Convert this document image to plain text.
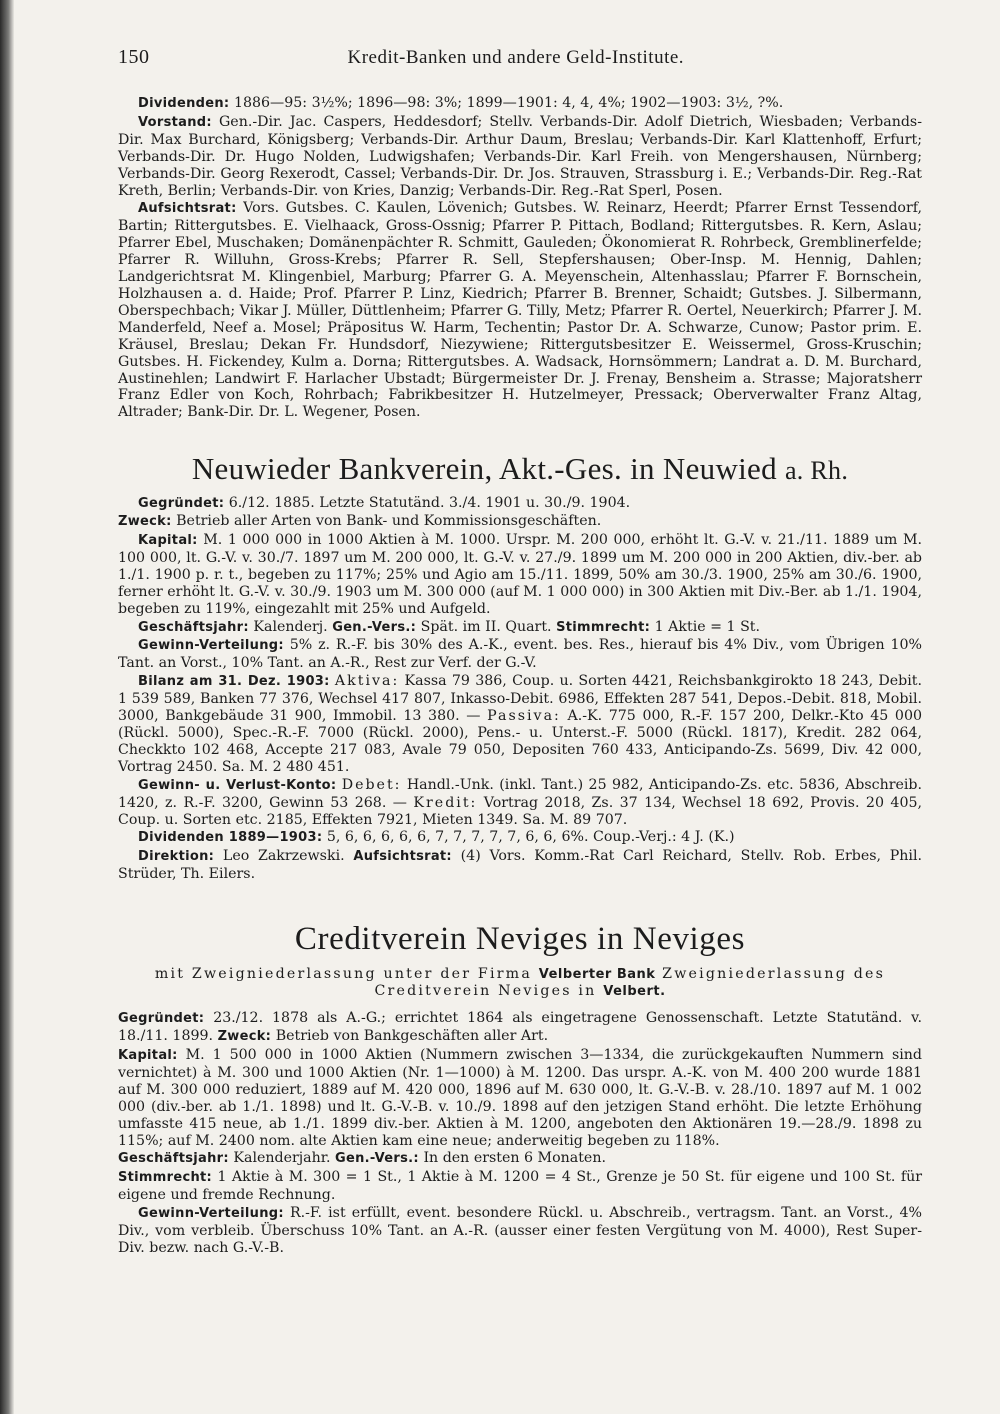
150	Kredit-Banken und andere Geld-Institute.

Dividenden: 1886—95: 3½%; 1896—98: 3%; 1899—1901: 4, 4, 4%; 1902—1903: 3½, ?%.

Vorstand: Gen.-Dir. Jac. Caspers, Heddesdorf; Stellv. Verbands-Dir. Adolf Dietrich, Wiesbaden; Verbands-Dir. Max Burchard, Königsberg; Verbands-Dir. Arthur Daum, Breslau; Verbands-Dir. Karl Klattenhoff, Erfurt; Verbands-Dir. Dr. Hugo Nolden, Ludwigshafen; Verbands-Dir. Karl Freih. von Mengershausen, Nürnberg; Verbands-Dir. Georg Rexerodt, Cassel; Verbands-Dir. Dr. Jos. Strauven, Strassburg i. E.; Verbands-Dir. Reg.-Rat Kreth, Berlin; Verbands-Dir. von Kries, Danzig; Verbands-Dir. Reg.-Rat Sperl, Posen.

Aufsichtsrat: Vors. Gutsbes. C. Kaulen, Lövenich; Gutsbes. W. Reinarz, Heerdt; Pfarrer Ernst Tessendorf, Bartin; Rittergutsbes. E. Vielhaack, Gross-Ossnig; Pfarrer P. Pittach, Bodland; Rittergutsbes. R. Kern, Aslau; Pfarrer Ebel, Muschaken; Domänenpächter R. Schmitt, Gauleden; Ökonomierat R. Rohrbeck, Gremblinerfelde; Pfarrer R. Willuhn, Gross-Krebs; Pfarrer R. Sell, Stepfershausen; Ober-Insp. M. Hennig, Dahlen; Landgerichtsrat M. Klingenbiel, Marburg; Pfarrer G. A. Meyenschein, Altenhasslau; Pfarrer F. Bornschein, Holzhausen a. d. Haide; Prof. Pfarrer P. Linz, Kiedrich; Pfarrer B. Brenner, Schaidt; Gutsbes. J. Silbermann, Oberspechbach; Vikar J. Müller, Düttlenheim; Pfarrer G. Tilly, Metz; Pfarrer R. Oertel, Neuerkirch; Pfarrer J. M. Manderfeld, Neef a. Mosel; Präpositus W. Harm, Techentin; Pastor Dr. A. Schwarze, Cunow; Pastor prim. E. Kräusel, Breslau; Dekan Fr. Hundsdorf, Niezywiene; Rittergutsbesitzer E. Weissermel, Gross-Kruschin; Gutsbes. H. Fickendey, Kulm a. Dorna; Rittergutsbes. A. Wadsack, Hornsömmern; Landrat a. D. M. Burchard, Austinehlen; Landwirt F. Harlacher Ubstadt; Bürgermeister Dr. J. Frenay, Bensheim a. Strasse; Majoratsherr Franz Edler von Koch, Rohrbach; Fabrikbesitzer H. Hutzelmeyer, Pressack; Oberverwalter Franz Altag, Altrader; Bank-Dir. Dr. L. Wegener, Posen.

Neuwieder Bankverein, Akt.-Ges. in Neuwied a. Rh.

Gegründet: 6./12. 1885. Letzte Statutänd. 3./4. 1901 u. 30./9. 1904.
Zweck: Betrieb aller Arten von Bank- und Kommissionsgeschäften.

Kapital: M. 1 000 000 in 1000 Aktien à M. 1000. Urspr. M. 200 000, erhöht lt. G.-V. v. 21./11. 1889 um M. 100 000, lt. G.-V. v. 30./7. 1897 um M. 200 000, lt. G.-V. v. 27./9. 1899 um M. 200 000 in 200 Aktien, div.-ber. ab 1./1. 1900 p. r. t., begeben zu 117%; 25% und Agio am 15./11. 1899, 50% am 30./3. 1900, 25% am 30./6. 1900, ferner erhöht lt. G.-V. v. 30./9. 1903 um M. 300 000 (auf M. 1 000 000) in 300 Aktien mit Div.-Ber. ab 1./1. 1904, begeben zu 119%, eingezahlt mit 25% und Aufgeld.

Geschäftsjahr: Kalenderj. Gen.-Vers.: Spät. im II. Quart. Stimmrecht: 1 Aktie = 1 St.

Gewinn-Verteilung: 5% z. R.-F. bis 30% des A.-K., event. bes. Res., hierauf bis 4% Div., vom Übrigen 10% Tant. an Vorst., 10% Tant. an A.-R., Rest zur Verf. der G.-V.

Bilanz am 31. Dez. 1903: Aktiva: Kassa 79 386, Coup. u. Sorten 4421, Reichsbankgirokto 18 243, Debit. 1 539 589, Banken 77 376, Wechsel 417 807, Inkasso-Debit. 6986, Effekten 287 541, Depos.-Debit. 818, Mobil. 3000, Bankgebäude 31 900, Immobil. 13 380. — Passiva: A.-K. 775 000, R.-F. 157 200, Delkr.-Kto 45 000 (Rückl. 5000), Spec.-R.-F. 7000 (Rückl. 2000), Pens.- u. Unterst.-F. 5000 (Rückl. 1817), Kredit. 282 064, Checkkto 102 468, Accepte 217 083, Avale 79 050, Depositen 760 433, Anticipando-Zs. 5699, Div. 42 000, Vortrag 2450. Sa. M. 2 480 451.

Gewinn- u. Verlust-Konto: Debet: Handl.-Unk. (inkl. Tant.) 25 982, Anticipando-Zs. etc. 5836, Abschreib. 1420, z. R.-F. 3200, Gewinn 53 268. — Kredit: Vortrag 2018, Zs. 37 134, Wechsel 18 692, Provis. 20 405, Coup. u. Sorten etc. 2185, Effekten 7921, Mieten 1349. Sa. M. 89 707.

Dividenden 1889—1903: 5, 6, 6, 6, 6, 6, 7, 7, 7, 7, 7, 6, 6, 6%. Coup.-Verj.: 4 J. (K.)

Direktion: Leo Zakrzewski. Aufsichtsrat: (4) Vors. Komm.-Rat Carl Reichard, Stellv. Rob. Erbes, Phil. Strüder, Th. Eilers.

Creditverein Neviges in Neviges

mit Zweigniederlassung unter der Firma Velberter Bank Zweigniederlassung des Creditverein Neviges in Velbert.

Gegründet: 23./12. 1878 als A.-G.; errichtet 1864 als eingetragene Genossenschaft. Letzte Statutänd. v. 18./11. 1899. Zweck: Betrieb von Bankgeschäften aller Art.

Kapital: M. 1 500 000 in 1000 Aktien (Nummern zwischen 3—1334, die zurückgekauften Nummern sind vernichtet) à M. 300 und 1000 Aktien (Nr. 1—1000) à M. 1200. Das urspr. A.-K. von M. 400 200 wurde 1881 auf M. 300 000 reduziert, 1889 auf M. 420 000, 1896 auf M. 630 000, lt. G.-V.-B. v. 28./10. 1897 auf M. 1 002 000 (div.-ber. ab 1./1. 1898) und lt. G.-V.-B. v. 10./9. 1898 auf den jetzigen Stand erhöht. Die letzte Erhöhung umfasste 415 neue, ab 1./1. 1899 div.-ber. Aktien à M. 1200, angeboten den Aktionären 19.—28./9. 1898 zu 115%; auf M. 2400 nom. alte Aktien kam eine neue; anderweitig begeben zu 118%.

Geschäftsjahr: Kalenderjahr. Gen.-Vers.: In den ersten 6 Monaten.

Stimmrecht: 1 Aktie à M. 300 = 1 St., 1 Aktie à M. 1200 = 4 St., Grenze je 50 St. für eigene und 100 St. für eigene und fremde Rechnung.

Gewinn-Verteilung: R.-F. ist erfüllt, event. besondere Rückl. u. Abschreib., vertragsm. Tant. an Vorst., 4% Div., vom verbleib. Überschuss 10% Tant. an A.-R. (ausser einer festen Vergütung von M. 4000), Rest Super-Div. bezw. nach G.-V.-B.
